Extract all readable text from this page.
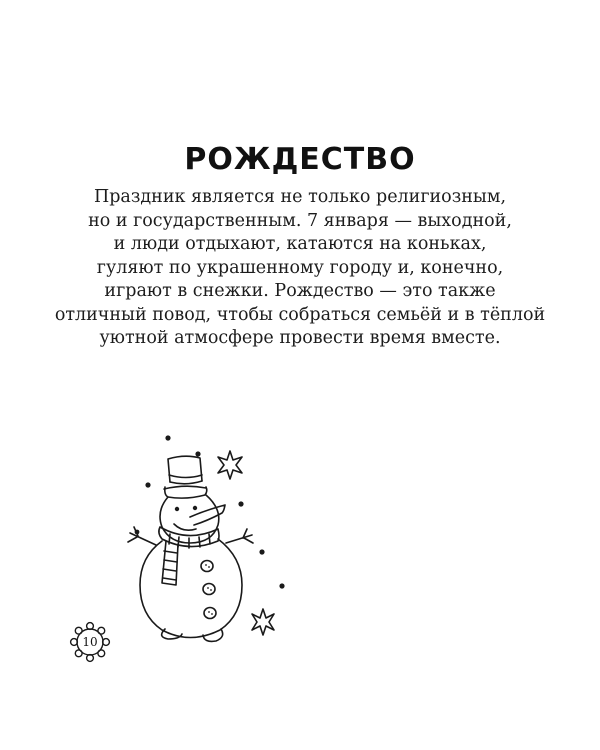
РОЖДЕСТВО
Праздник является не только религиозным,
но и государственным. 7 января — выходной,
и люди отдыхают, катаются на коньках,
гуляют по украшенному городу и, конечно,
играют в снежки. Рождество — это также
отличный повод, чтобы собраться семьёй и в тёплой
уютной атмосфере провести время вместе.
10
